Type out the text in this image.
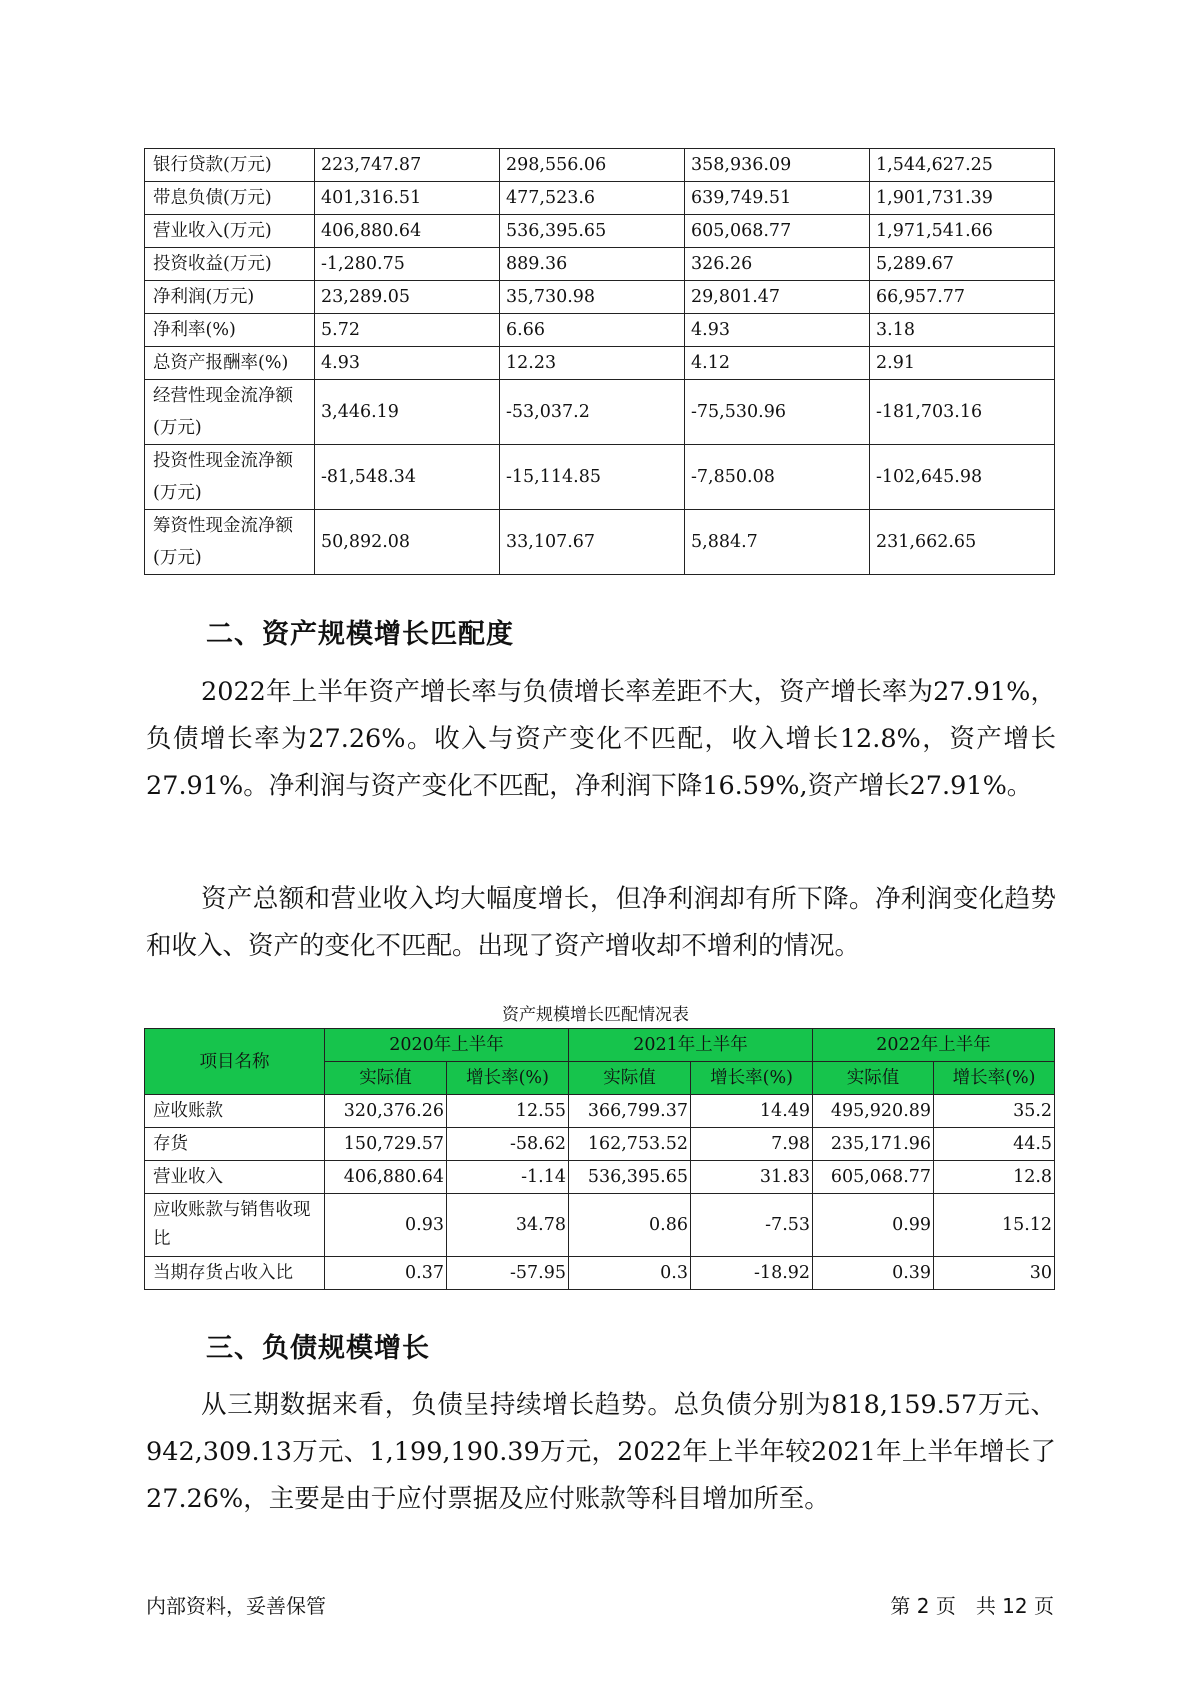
银行贷款(万元)	223,747.87	298,556.06	358,936.09	1,544,627.25
带息负债(万元)	401,316.51	477,523.6	639,749.51	1,901,731.39
营业收入(万元)	406,880.64	536,395.65	605,068.77	1,971,541.66
投资收益(万元)	-1,280.75	889.36	326.26	5,289.67
净利润(万元)	23,289.05	35,730.98	29,801.47	66,957.77
净利率(%)	5.72	6.66	4.93	3.18
总资产报酬率(%)	4.93	12.23	4.12	2.91
经营性现金流净额(万元)	3,446.19	-53,037.2	-75,530.96	-181,703.16
投资性现金流净额(万元)	-81,548.34	-15,114.85	-7,850.08	-102,645.98
筹资性现金流净额(万元)	50,892.08	33,107.67	5,884.7	231,662.65
二、资产规模增长匹配度

2022年上半年资产增长率与负债增长率差距不大，资产增长率为27.91%，负债增长率为27.26%。收入与资产变化不匹配，收入增长12.8%，资产增长27.91%。净利润与资产变化不匹配，净利润下降16.59%,资产增长27.91%。

资产总额和营业收入均大幅度增长，但净利润却有所下降。净利润变化趋势和收入、资产的变化不匹配。出现了资产增收却不增利的情况。

资产规模增长匹配情况表
项目名称	2020年上半年		2021年上半年		2022年上半年	
	实际值	增长率(%)	实际值	增长率(%)	实际值	增长率(%)
应收账款	320,376.26	12.55	366,799.37	14.49	495,920.89	35.2
存货	150,729.57	-58.62	162,753.52	7.98	235,171.96	44.5
营业收入	406,880.64	-1.14	536,395.65	31.83	605,068.77	12.8
应收账款与销售收现比	0.93	34.78	0.86	-7.53	0.99	15.12
当期存货占收入比	0.37	-57.95	0.3	-18.92	0.39	30
三、负债规模增长

从三期数据来看，负债呈持续增长趋势。总负债分别为818,159.57万元、942,309.13万元、1,199,190.39万元，2022年上半年较2021年上半年增长了27.26%，主要是由于应付票据及应付账款等科目增加所至。

内部资料，妥善保管	第 2 页　共 12 页
